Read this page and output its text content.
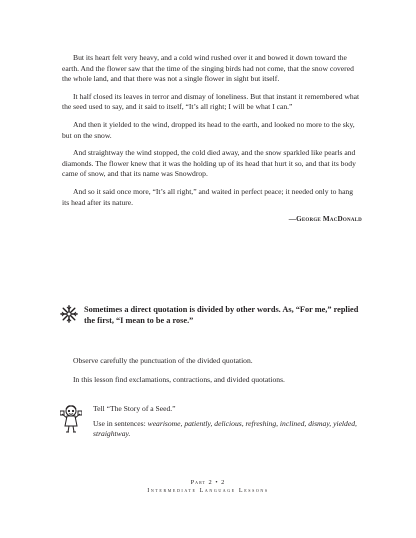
But its heart felt very heavy, and a cold wind rushed over it and bowed it down toward the earth. And the flower saw that the time of the singing birds had not come, that the snow covered the whole land, and that there was not a single flower in sight but itself.

It half closed its leaves in terror and dismay of loneliness. But that instant it remembered what the seed used to say, and it said to itself, “It’s all right; I will be what I can.”

And then it yielded to the wind, dropped its head to the earth, and looked no more to the sky, but on the snow.

And straightway the wind stopped, the cold died away, and the snow sparkled like pearls and diamonds. The flower knew that it was the holding up of its head that hurt it so, and that its body came of snow, and that its name was Snowdrop.

And so it said once more, “It’s all right,” and waited in perfect peace; it needed only to hang its head after its nature.

—George MacDonald
Sometimes a direct quotation is divided by other words. As, “For me,” replied the first, “I mean to be a rose.”

Observe carefully the punctuation of the divided quotation.

In this lesson find exclamations, contractions, and divided quotations.

Tell “The Story of a Seed.”

Use in sentences: wearisome, patiently, delicious, refreshing, inclined, dismay, yielded, straightway.

Part 2 • 2
Intermediate Language Lessons
